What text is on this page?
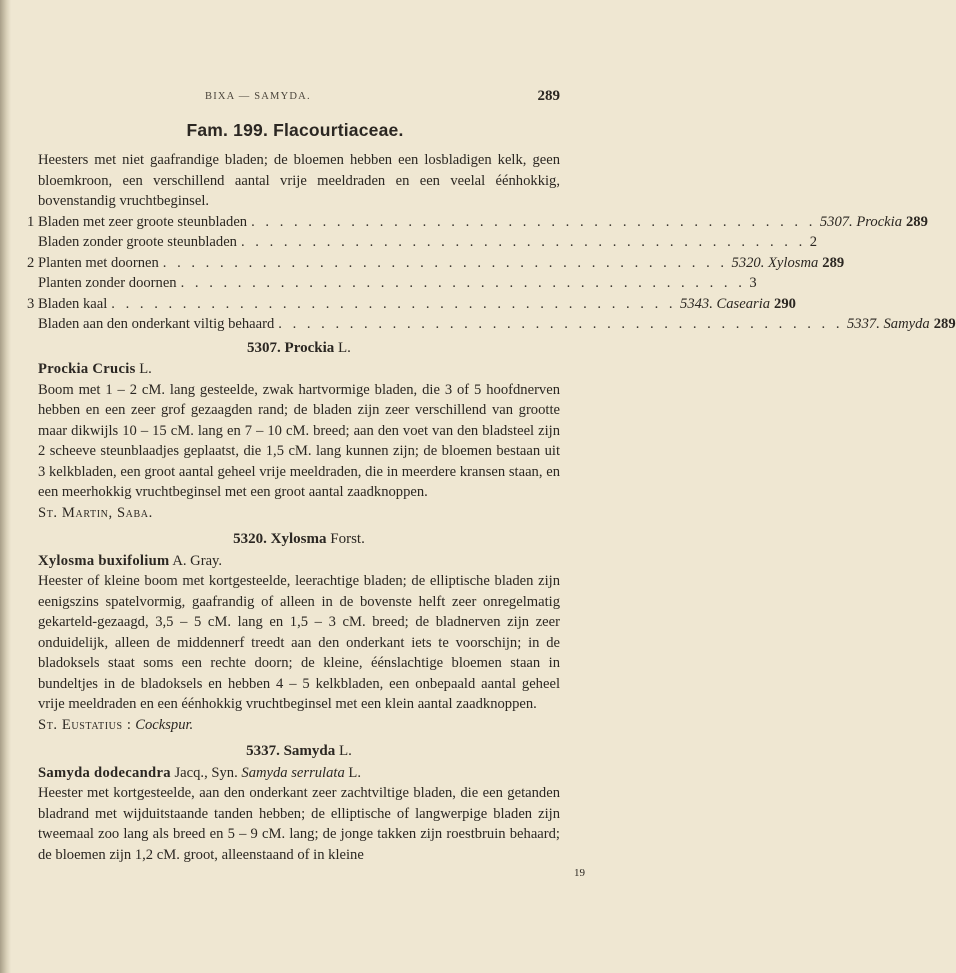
BIXA — SAMYDA.	289
Fam. 199. Flacourtiaceae.
Heesters met niet gaafrandige bladen; de bloemen hebben een losbladigen kelk, geen bloemkroon, een verschillend aantal vrije meeldraden en een veelal éénhokkig, bovenstandig vruchtbeginsel.
1 Bladen met zeer groote steunbladen . . . . . . . . . . . . . . . . . . . . . . . . . . . . . . . . . . . . . . . . 5307. Prockia 289
Bladen zonder groote steunbladen . . . . . . . . . . . . . . . . . . . . . . . . . . . . . . . . . . . . . . . . 2
2 Planten met doornen . . . . . . . . . . . . . . . . . . . . . . . . . . . . . . . . . . . . . . . . 5320. Xylosma 289
Planten zonder doornen . . . . . . . . . . . . . . . . . . . . . . . . . . . . . . . . . . . . . . . . 3
3 Bladen kaal . . . . . . . . . . . . . . . . . . . . . . . . . . . . . . . . . . . . . . . . 5343. Casearia 290
Bladen aan den onderkant viltig behaard . . . . . . . . . . . . . . . . . . . . . . . . . . . . . . . . . . . . . . . . 5337. Samyda 289
5307. Prockia L.
Prockia Crucis L.
Boom met 1 – 2 cM. lang gesteelde, zwak hartvormige bladen, die 3 of 5 hoofdnerven hebben en een zeer grof gezaagden rand; de bladen zijn zeer verschillend van grootte maar dikwijls 10 – 15 cM. lang en 7 – 10 cM. breed; aan den voet van den bladsteel zijn 2 scheeve steunblaadjes geplaatst, die 1,5 cM. lang kunnen zijn; de bloemen bestaan uit 3 kelkbladen, een groot aantal geheel vrije meeldraden, die in meerdere kransen staan, en een meerhokkig vruchtbeginsel met een groot aantal zaadknoppen.
St. Martin, Saba.
5320. Xylosma Forst.
Xylosma buxifolium A. Gray.
Heester of kleine boom met kortgesteelde, leerachtige bladen; de elliptische bladen zijn eenigszins spatelvormig, gaafrandig of alleen in de bovenste helft zeer onregelmatig gekarteld-gezaagd, 3,5 – 5 cM. lang en 1,5 – 3 cM. breed; de bladnerven zijn zeer onduidelijk, alleen de middennerf treedt aan den onderkant iets te voorschijn; in de bladoksels staat soms een rechte doorn; de kleine, éénslachtige bloemen staan in bundeltjes in de bladoksels en hebben 4 – 5 kelkbladen, een onbepaald aantal geheel vrije meeldraden en een éénhokkig vruchtbeginsel met een klein aantal zaadknoppen.
St. Eustatius : Cockspur.
5337. Samyda L.
Samyda dodecandra Jacq., Syn. Samyda serrulata L.
Heester met kortgesteelde, aan den onderkant zeer zachtviltige bladen, die een getanden bladrand met wijduitstaande tanden hebben; de elliptische of langwerpige bladen zijn tweemaal zoo lang als breed en 5 – 9 cM. lang; de jonge takken zijn roestbruin behaard; de bloemen zijn 1,2 cM. groot, alleenstaand of in kleine
19
